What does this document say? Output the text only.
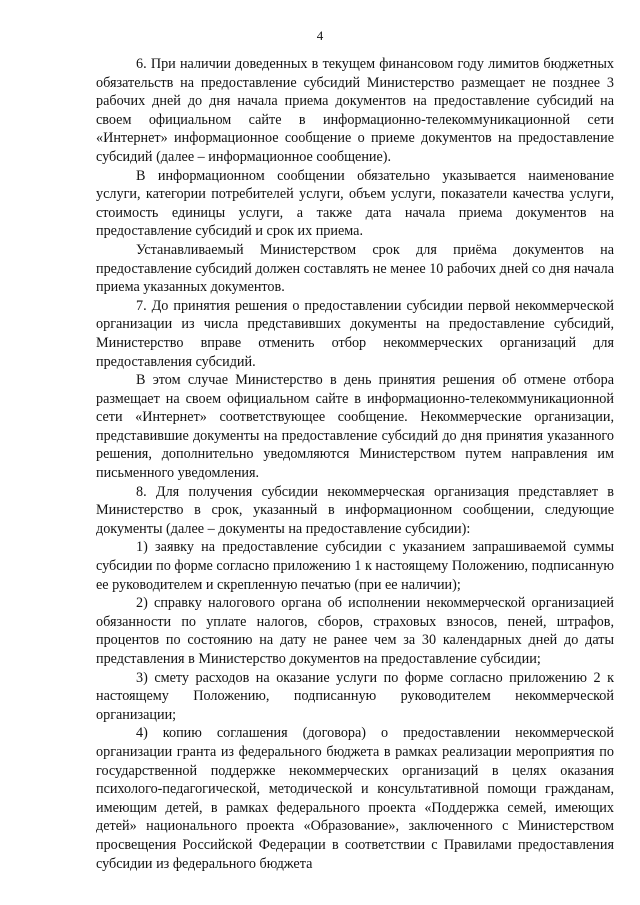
4

6. При наличии доведенных в текущем финансовом году лимитов бюджетных обязательств на предоставление субсидий Министерство размещает не позднее 3 рабочих дней до дня начала приема документов на предоставление субсидий на своем официальном сайте в информационно-телекоммуникационной сети «Интернет» информационное сообщение о приеме документов на предоставление субсидий (далее – информационное сообщение).

В информационном сообщении обязательно указывается наименование услуги, категории потребителей услуги, объем услуги, показатели качества услуги, стоимость единицы услуги, а также дата начала приема документов на предоставление субсидий и срок их приема.

Устанавливаемый Министерством срок для приёма документов на предоставление субсидий должен составлять не менее 10 рабочих дней со дня начала приема указанных документов.

7. До принятия решения о предоставлении субсидии первой некоммерческой организации из числа представивших документы на предоставление субсидий, Министерство вправе отменить отбор некоммерческих организаций для предоставления субсидий.

В этом случае Министерство в день принятия решения об отмене отбора размещает на своем официальном сайте в информационно-телекоммуникационной сети «Интернет» соответствующее сообщение. Некоммерческие организации, представившие документы на предоставление субсидий до дня принятия указанного решения, дополнительно уведомляются Министерством путем направления им письменного уведомления.

8. Для получения субсидии некоммерческая организация представляет в Министерство в срок, указанный в информационном сообщении, следующие документы (далее – документы на предоставление субсидии):

1) заявку на предоставление субсидии с указанием запрашиваемой суммы субсидии по форме согласно приложению 1 к настоящему Положению, подписанную ее руководителем и скрепленную печатью (при ее наличии);

2) справку налогового органа об исполнении некоммерческой организацией обязанности по уплате налогов, сборов, страховых взносов, пеней, штрафов, процентов по состоянию на дату не ранее чем за 30 календарных дней до даты представления в Министерство документов на предоставление субсидии;

3) смету расходов на оказание услуги по форме согласно приложению 2 к настоящему Положению, подписанную руководителем некоммерческой организации;

4) копию соглашения (договора) о предоставлении некоммерческой организации гранта из федерального бюджета в рамках реализации мероприятия по государственной поддержке некоммерческих организаций в целях оказания психолого-педагогической, методической и консультативной помощи гражданам, имеющим детей, в рамках федерального проекта «Поддержка семей, имеющих детей» национального проекта «Образование», заключенного с Министерством просвещения Российской Федерации в соответствии с Правилами предоставления субсидии из федерального бюджета
